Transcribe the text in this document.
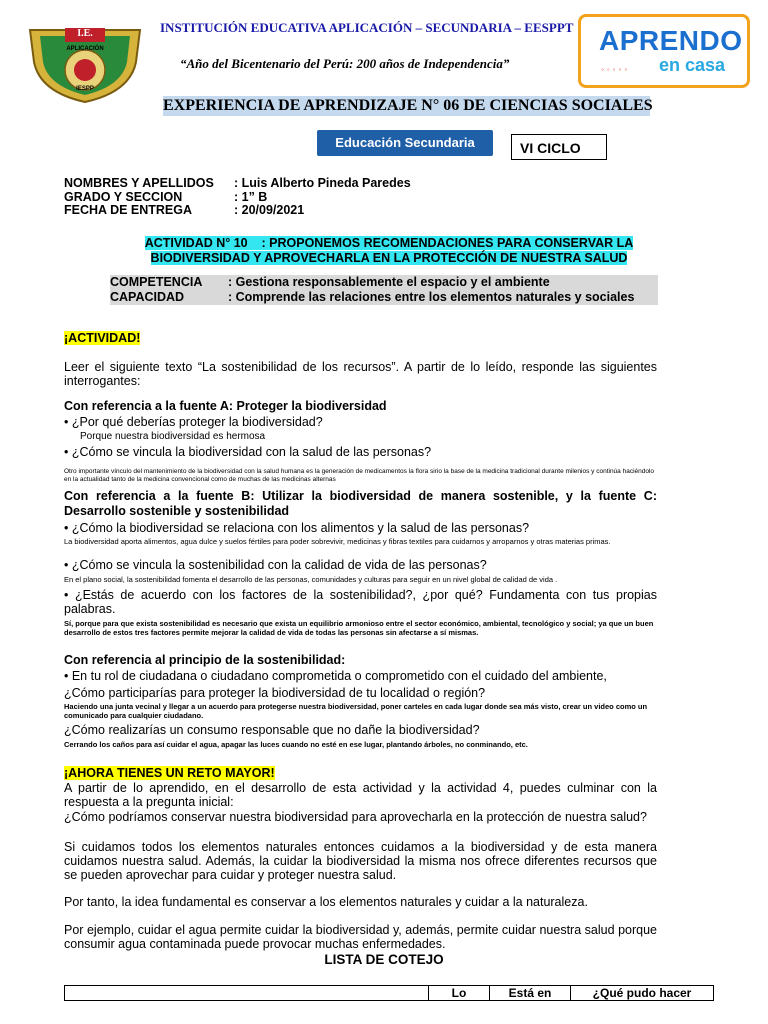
I.E.
APLICACIÓN
IESPP
INSTITUCIÓN EDUCATIVA APLICACIÓN – SECUNDARIA – EESPPT
“Año del Bicentenario del Perú: 200 años de Independencia”
APRENDO
en casa
◦◦◦◦◦
EXPERIENCIA DE APRENDIZAJE N° 06 DE CIENCIAS SOCIALES
Educación Secundaria	VI CICLO
NOMBRES Y APELLIDOS	: Luis Alberto Pineda Paredes
GRADO Y SECCION	: 1” B
FECHA DE ENTREGA	: 20/09/2021
ACTIVIDAD N° 10    : PROPONEMOS RECOMENDACIONES PARA CONSERVAR LA
BIODIVERSIDAD Y APROVECHARLA EN LA PROTECCIÓN DE NUESTRA SALUD
COMPETENCIA	: Gestiona responsablemente el espacio y el ambiente
CAPACIDAD	: Comprende las relaciones entre los elementos naturales y sociales
¡ACTIVIDAD!
Leer el siguiente texto “La sostenibilidad de los recursos”. A partir de lo leído, responde las siguientes interrogantes:
Con referencia a la fuente A: Proteger la biodiversidad
• ¿Por qué deberías proteger la biodiversidad?
Porque nuestra biodiversidad es hermosa
• ¿Cómo se vincula la biodiversidad con la salud de las personas?
Otro importante vínculo del mantenimiento de la biodiversidad con la salud humana es la generación de medicamentos la flora sirio la base de la medicina tradicional durante milenios y continúa haciéndolo en la actualidad tanto de la medicina convencional como de muchas de las medicinas alternas
Con referencia a la fuente B: Utilizar la biodiversidad de manera sostenible, y la fuente C: Desarrollo sostenible y sostenibilidad
• ¿Cómo la biodiversidad se relaciona con los alimentos y la salud de las personas?
La biodiversidad aporta alimentos, agua dulce y suelos fértiles para poder sobrevivir, medicinas y fibras textiles para cuidarnos y arroparnos y otras materias primas.
• ¿Cómo se vincula la sostenibilidad con la calidad de vida de las personas?
En el plano social, la sostenibilidad fomenta el desarrollo de las personas, comunidades y culturas para seguir en un nivel global de calidad de vida .
• ¿Estás de acuerdo con los factores de la sostenibilidad?, ¿por qué? Fundamenta con tus propias palabras.
Sí, porque para que exista sostenibilidad es necesario que exista un equilibrio armonioso entre el sector económico, ambiental, tecnológico y social; ya que un buen desarrollo de estos tres factores permite mejorar la calidad de vida de todas las personas sin afectarse a sí mismas.
Con referencia al principio de la sostenibilidad:
• En tu rol de ciudadana o ciudadano comprometida o comprometido con el cuidado del ambiente,
¿Cómo participarías para proteger la biodiversidad de tu localidad o región?
Haciendo una junta vecinal y llegar a un acuerdo para protegerse nuestra biodiversidad, poner carteles en cada lugar donde sea más visto, crear un video como un comunicado para cualquier ciudadano.
¿Cómo realizarías un consumo responsable que no dañe la biodiversidad?
Cerrando los caños para así cuidar el agua, apagar las luces cuando no esté en ese lugar, plantando árboles, no conminando, etc.
¡AHORA TIENES UN RETO MAYOR!
A partir de lo aprendido, en el desarrollo de esta actividad y la actividad 4, puedes culminar con la respuesta a la pregunta inicial:
¿Cómo podríamos conservar nuestra biodiversidad para aprovecharla en la protección de nuestra salud?
Si cuidamos todos los elementos naturales entonces cuidamos a la biodiversidad y de esta manera cuidamos nuestra salud. Además, la cuidar la biodiversidad la misma nos ofrece diferentes recursos que se pueden aprovechar para cuidar y proteger nuestra salud.
Por tanto, la idea fundamental es conservar a los elementos naturales y cuidar a la naturaleza.
Por ejemplo, cuidar el agua permite cuidar la biodiversidad y, además, permite cuidar nuestra salud porque consumir agua contaminada puede provocar muchas enfermedades.
LISTA DE COTEJO
	Lo	Está en	¿Qué pudo hacer
